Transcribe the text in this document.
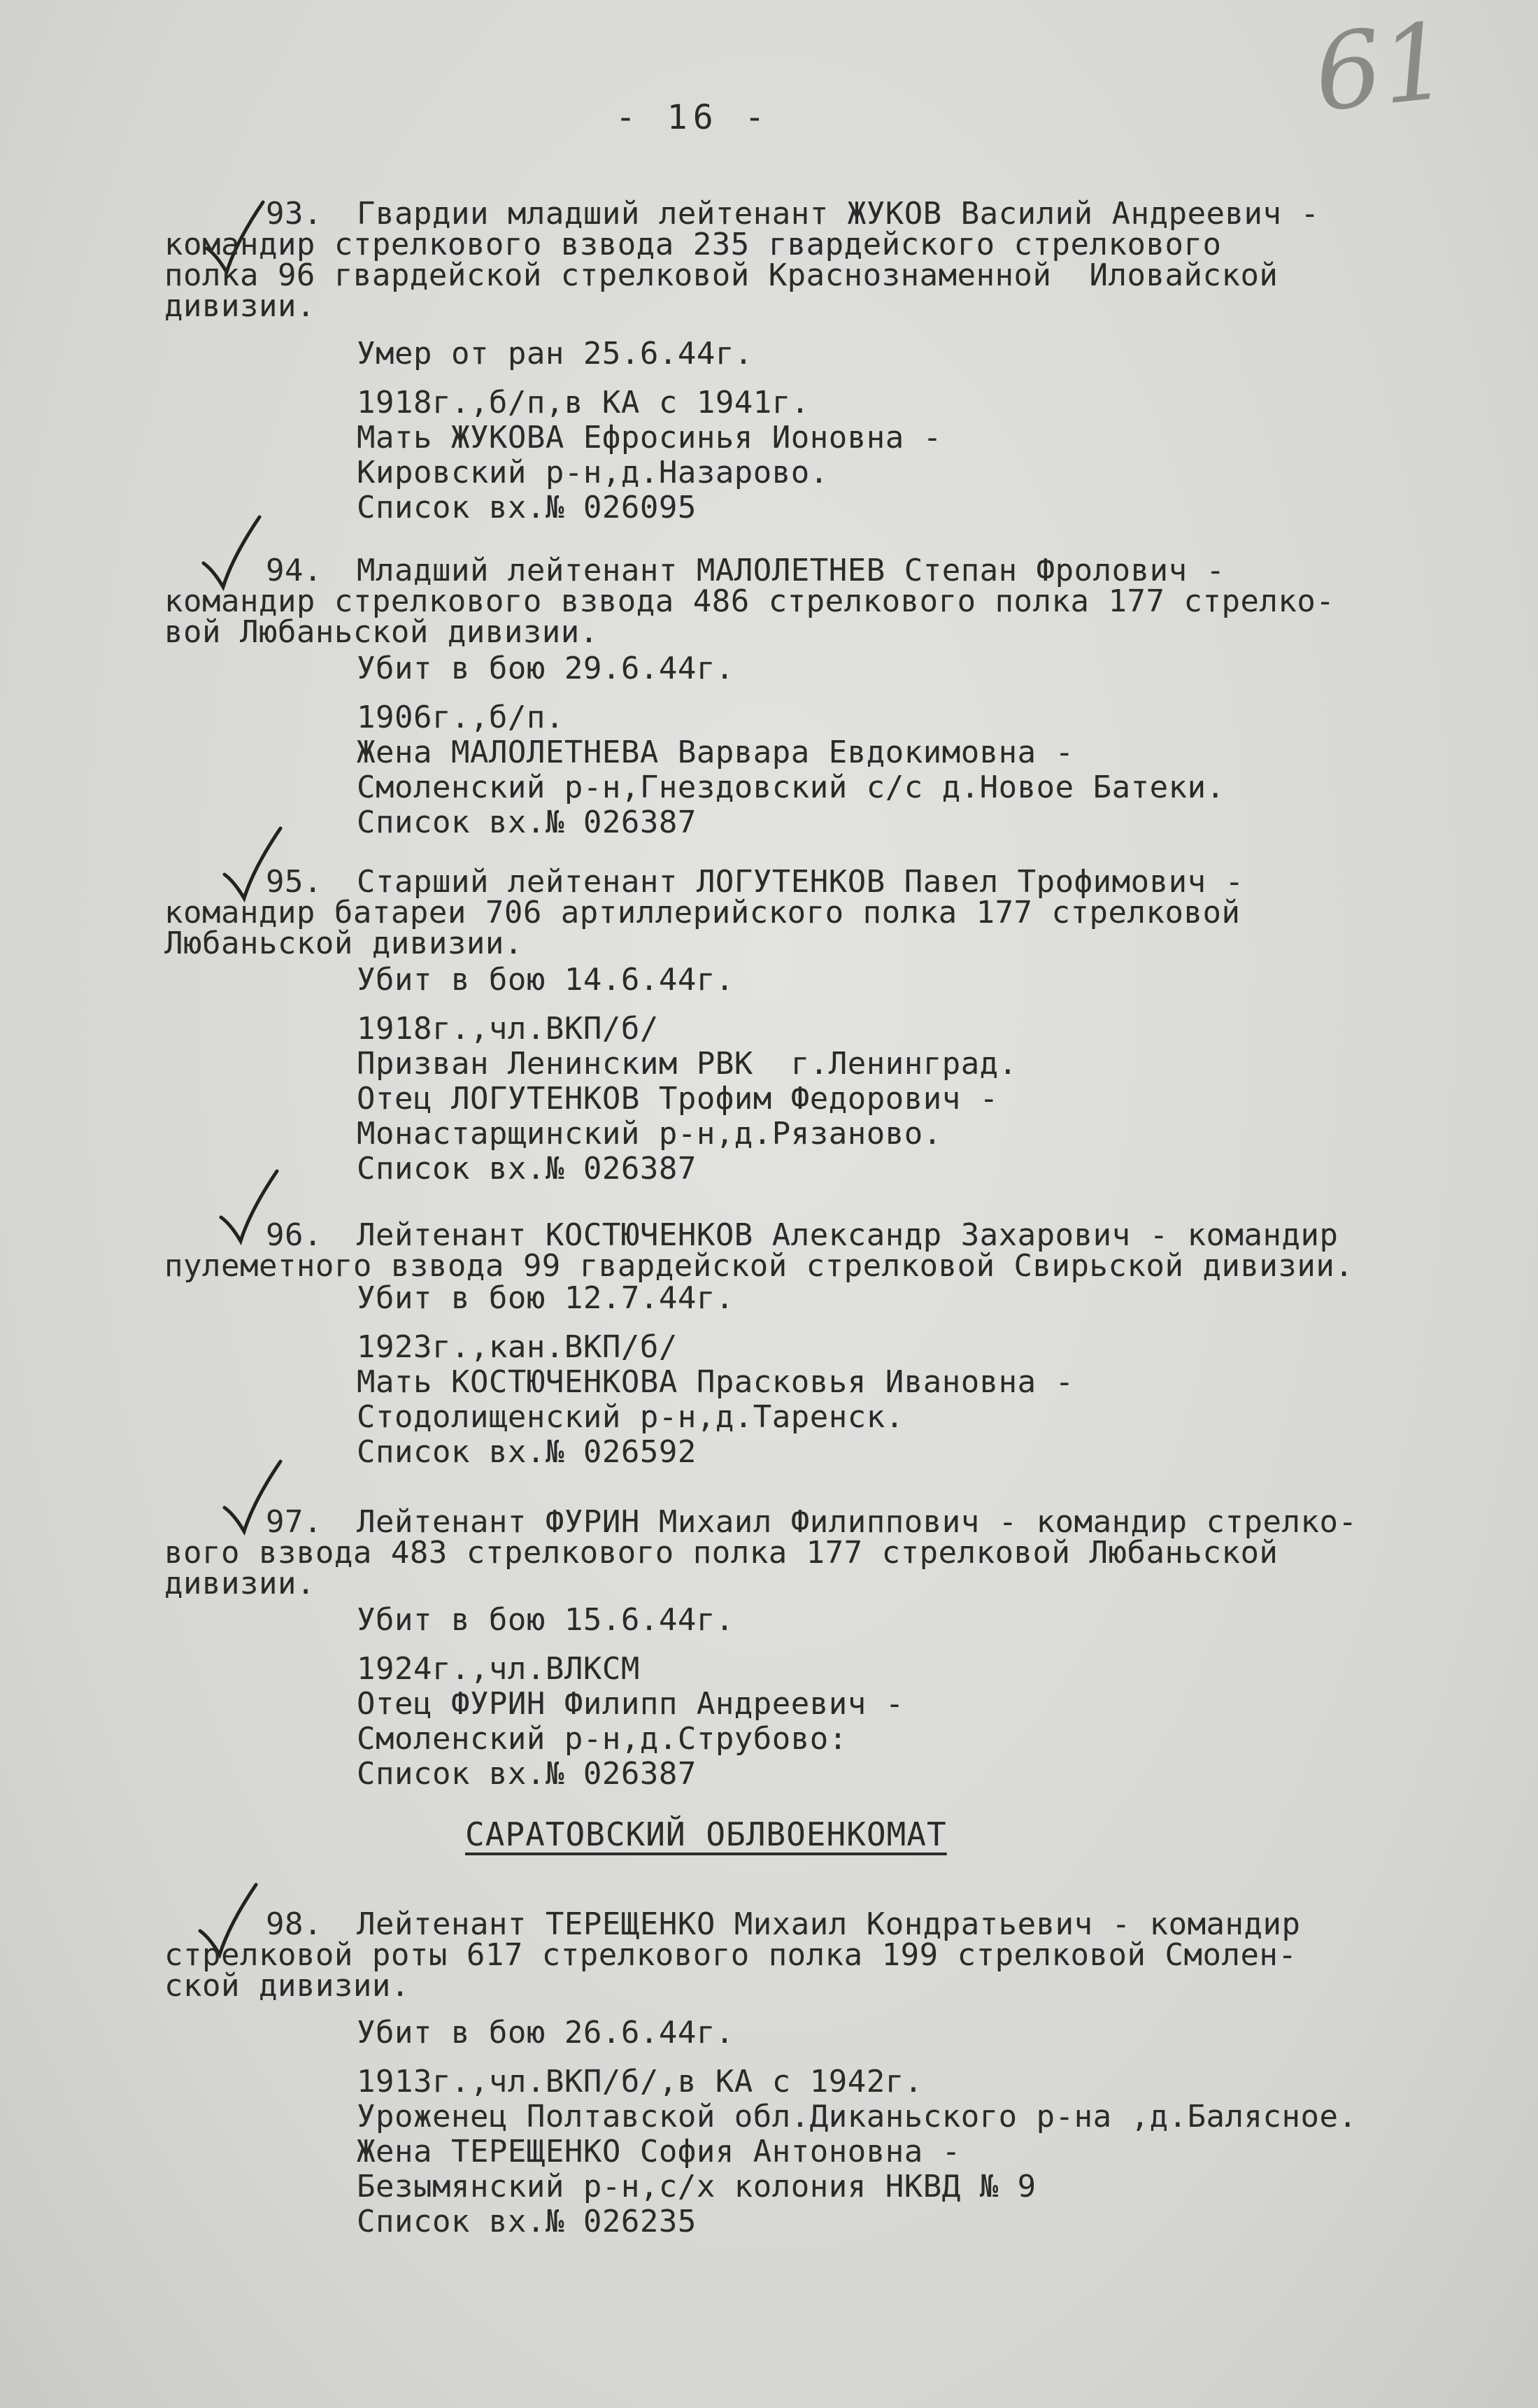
61
- 16 -
93. Гвардии младший лейтенант ЖУКОВ Василий Андреевич -
командир стрелкового взвода 235 гвардейского стрелкового
полка 96 гвардейской стрелковой Краснознаменной  Иловайской
дивизии.
Умер от ран 25.6.44г.
1918г.,б/п,в КА с 1941г.
Мать ЖУКОВА Ефросинья Ионовна -
Кировский р-н,д.Назарово.
Список вх.№ 026095
94. Младший лейтенант МАЛОЛЕТНЕВ Степан Фролович -
командир стрелкового взвода 486 стрелкового полка 177 стрелко-
вой Любаньской дивизии.
Убит в бою 29.6.44г.
1906г.,б/п.
Жена МАЛОЛЕТНЕВА Варвара Евдокимовна -
Смоленский р-н,Гнездовский с/с д.Новое Батеки.
Список вх.№ 026387
95. Старший лейтенант ЛОГУТЕНКОВ Павел Трофимович -
командир батареи 706 артиллерийского полка 177 стрелковой
Любаньской дивизии.
Убит в бою 14.6.44г.
1918г.,чл.ВКП/б/
Призван Ленинским РВК  г.Ленинград.
Отец ЛОГУТЕНКОВ Трофим Федорович -
Монастарщинский р-н,д.Рязаново.
Список вх.№ 026387
96. Лейтенант КОСТЮЧЕНКОВ Александр Захарович - командир
пулеметного взвода 99 гвардейской стрелковой Свирьской дивизии.
Убит в бою 12.7.44г.
1923г.,кан.ВКП/б/
Мать КОСТЮЧЕНКОВА Прасковья Ивановна -
Стодолищенский р-н,д.Таренск.
Список вх.№ 026592
97. Лейтенант ФУРИН Михаил Филиппович - командир стрелко-
вого взвода 483 стрелкового полка 177 стрелковой Любаньской
дивизии.
Убит в бою 15.6.44г.
1924г.,чл.ВЛКСМ
Отец ФУРИН Филипп Андреевич -
Смоленский р-н,д.Струбово:
Список вх.№ 026387
98. Лейтенант ТЕРЕЩЕНКО Михаил Кондратьевич - командир
стрелковой роты 617 стрелкового полка 199 стрелковой Смолен-
ской дивизии.
Убит в бою 26.6.44г.
1913г.,чл.ВКП/б/,в КА с 1942г.
Уроженец Полтавской обл.Диканьского р-на ,д.Балясное.
Жена ТЕРЕЩЕНКО София Антоновна -
Безымянский р-н,с/х колония НКВД № 9
Список вх.№ 026235
САРАТОВСКИЙ ОБЛВОЕНКОМАТ
